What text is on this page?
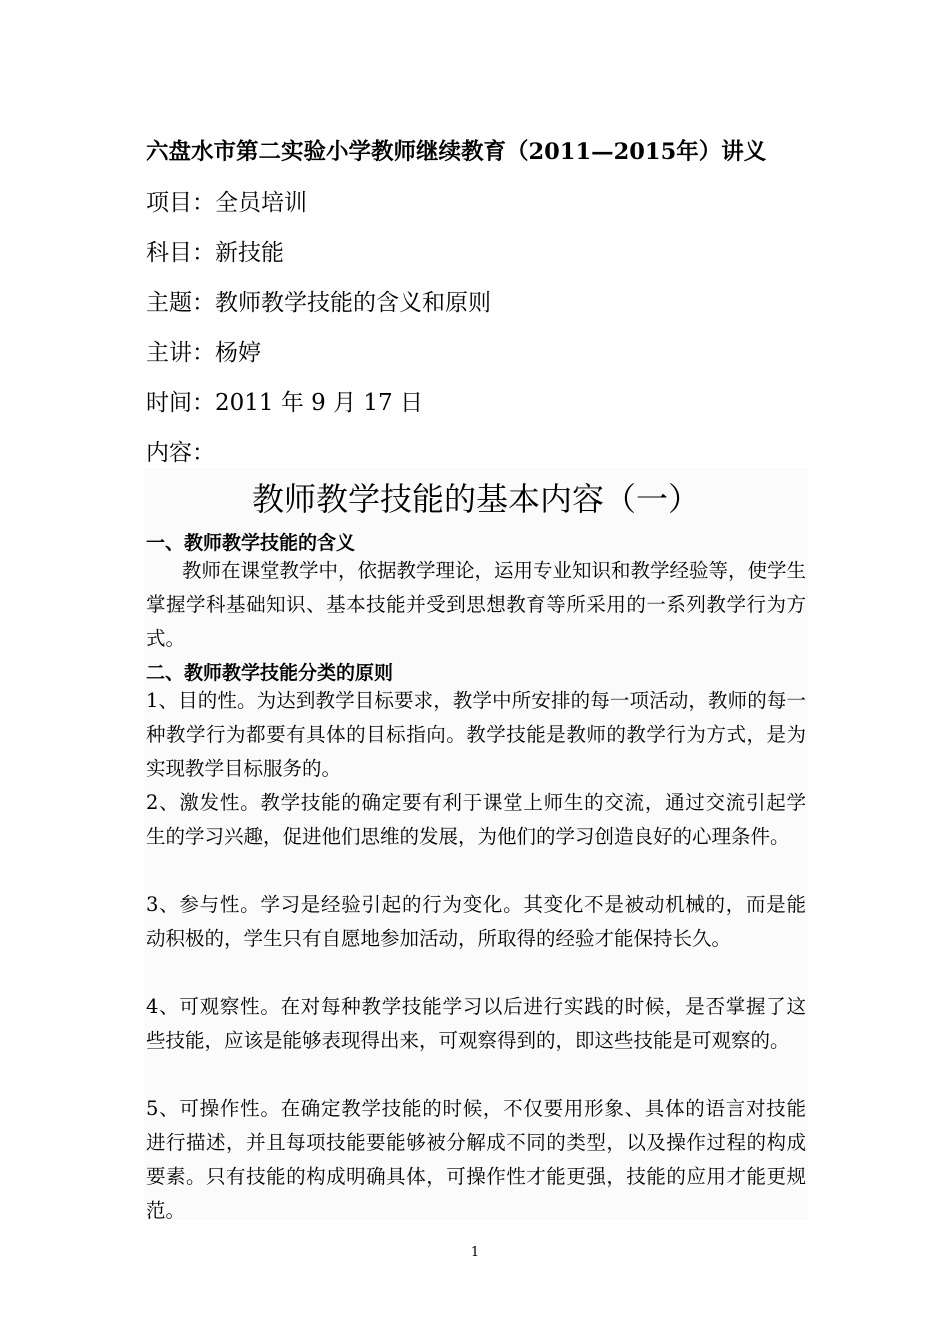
六盘水市第二实验小学教师继续教育（2011—2015年）讲义
项目：全员培训
科目：新技能
主题：教师教学技能的含义和原则
主讲：杨婷
时间：2011 年 9 月 17 日
内容：
教师教学技能的基本内容（一）
一、教师教学技能的含义
教师在课堂教学中，依据教学理论，运用专业知识和教学经验等，使学生掌握学科基础知识、基本技能并受到思想教育等所采用的一系列教学行为方式。
二、教师教学技能分类的原则
1、目的性。为达到教学目标要求，教学中所安排的每一项活动，教师的每一种教学行为都要有具体的目标指向。教学技能是教师的教学行为方式，是为实现教学目标服务的。
2、激发性。教学技能的确定要有利于课堂上师生的交流，通过交流引起学 生的学习兴趣，促进他们思维的发展，为他们的学习创造良好的心理条件。
3、参与性。学习是经验引起的行为变化。其变化不是被动机械的，而是能 动积极的，学生只有自愿地参加活动，所取得的经验才能保持长久。
4、可观察性。在对每种教学技能学习以后进行实践的时候，是否掌握了这 些技能，应该是能够表现得出来，可观察得到的，即这些技能是可观察的。
5、可操作性。在确定教学技能的时候，不仅要用形象、具体的语言对技能 进行描述，并且每项技能要能够被分解成不同的类型，以及操作过程的构成要素。只有技能的构成明确具体，可操作性才能更强，技能的应用才能更规范。
1
